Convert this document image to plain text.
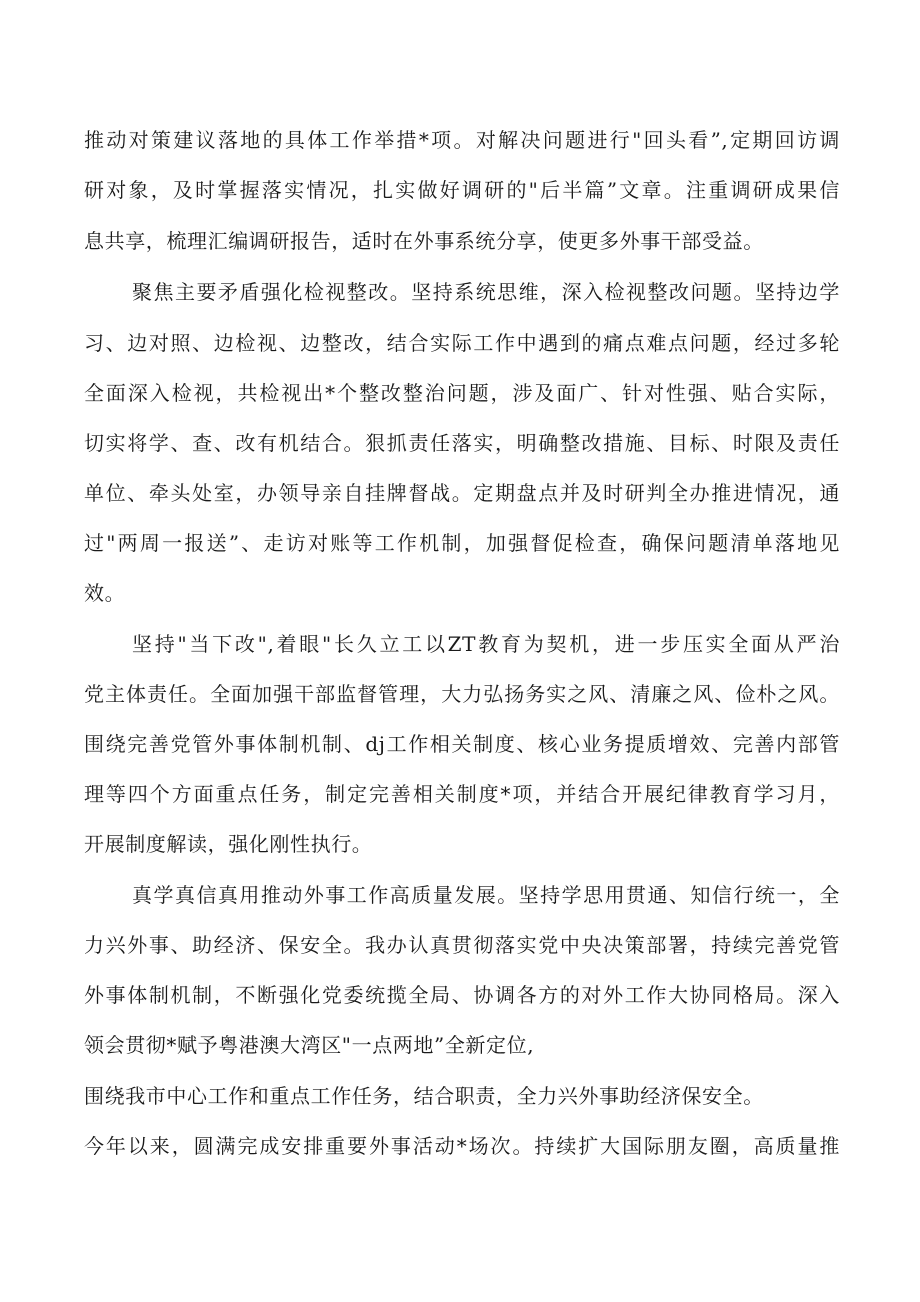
推动对策建议落地的具体工作举措*项。对解决问题进行"回头看”,定期回访调
研对象，及时掌握落实情况，扎实做好调研的"后半篇”文章。注重调研成果信
息共享，梳理汇编调研报告，适时在外事系统分享，使更多外事干部受益。
聚焦主要矛盾强化检视整改。坚持系统思维，深入检视整改问题。坚持边学
习、边对照、边检视、边整改，结合实际工作中遇到的痛点难点问题，经过多轮
全面深入检视，共检视出*个整改整治问题，涉及面广、针对性强、贴合实际，
切实将学、查、改有机结合。狠抓责任落实，明确整改措施、目标、时限及责任
单位、牵头处室，办领导亲自挂牌督战。定期盘点并及时研判全办推进情况，通
过"两周一报送”、走访对账等工作机制，加强督促检查，确保问题清单落地见
效。
坚持"当下改",着眼"长久立工以ZT教育为契机，进一步压实全面从严治
党主体责任。全面加强干部监督管理，大力弘扬务实之风、清廉之风、俭朴之风。
围绕完善党管外事体制机制、dj工作相关制度、核心业务提质增效、完善内部管
理等四个方面重点任务，制定完善相关制度*项，并结合开展纪律教育学习月，
开展制度解读，强化刚性执行。
真学真信真用推动外事工作高质量发展。坚持学思用贯通、知信行统一，全
力兴外事、助经济、保安全。我办认真贯彻落实党中央决策部署，持续完善党管
外事体制机制，不断强化党委统揽全局、协调各方的对外工作大协同格局。深入
领会贯彻*赋予粤港澳大湾区"一点两地”全新定位,
围绕我市中心工作和重点工作任务，结合职责，全力兴外事助经济保安全。
今年以来，圆满完成安排重要外事活动*场次。持续扩大国际朋友圈，高质量推
